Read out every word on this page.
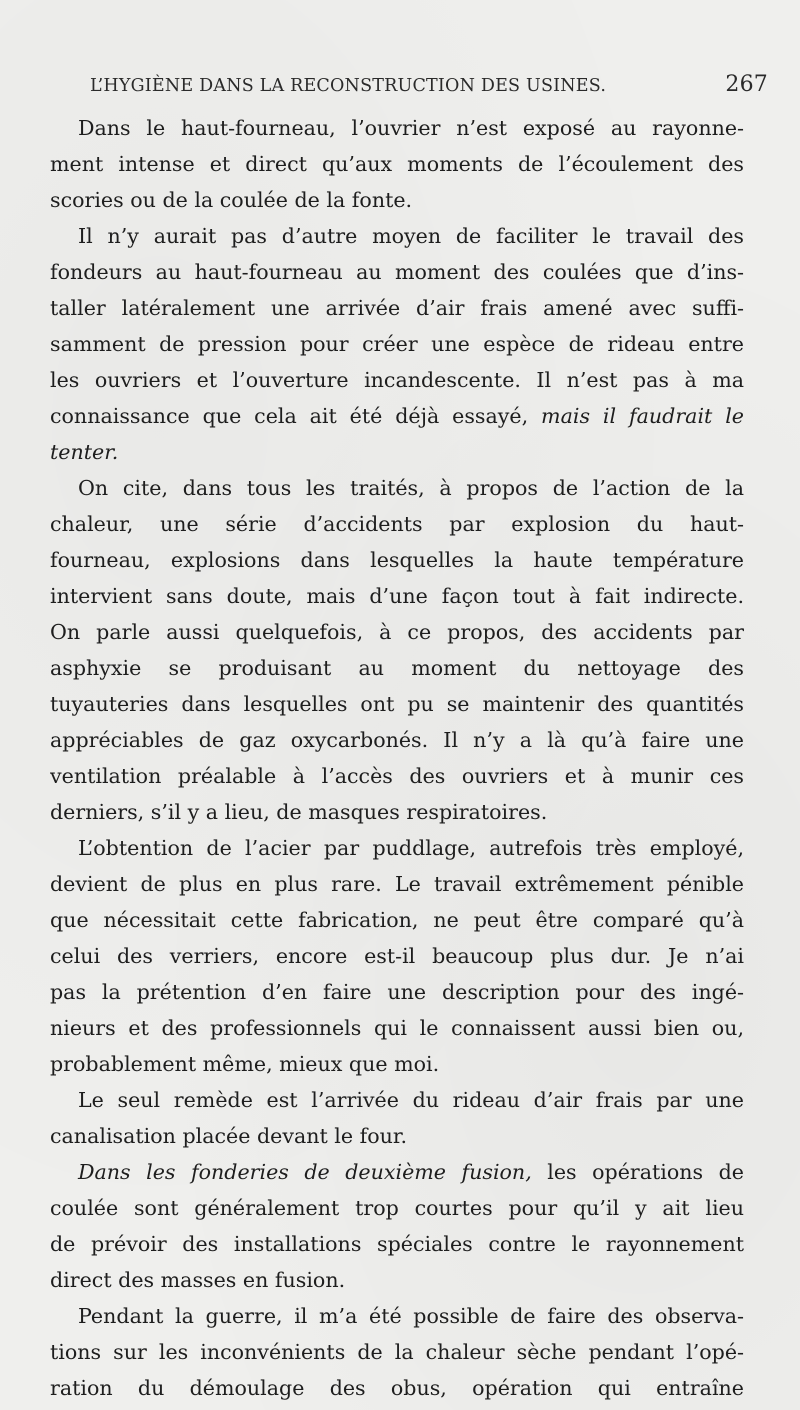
L’HYGIÈNE DANS LA RECONSTRUCTION DES USINES.	267
Dans le haut-fourneau, l’ouvrier n’est exposé au rayonne-
ment intense et direct qu’aux moments de l’écoulement des
scories ou de la coulée de la fonte.
Il n’y aurait pas d’autre moyen de faciliter le travail des
fondeurs au haut-fourneau au moment des coulées que d’ins-
taller latéralement une arrivée d’air frais amené avec suffi-
samment de pression pour créer une espèce de rideau entre
les ouvriers et l’ouverture incandescente. Il n’est pas à ma
connaissance que cela ait été déjà essayé, mais il faudrait le
tenter.
On cite, dans tous les traités, à propos de l’action de la
chaleur, une série d’accidents par explosion du haut-
fourneau, explosions dans lesquelles la haute température
intervient sans doute, mais d’une façon tout à fait indirecte.
On parle aussi quelquefois, à ce propos, des accidents par
asphyxie se produisant au moment du nettoyage des
tuyauteries dans lesquelles ont pu se maintenir des quantités
appréciables de gaz oxycarbonés. Il n’y a là qu’à faire une
ventilation préalable à l’accès des ouvriers et à munir ces
derniers, s’il y a lieu, de masques respiratoires.
L’obtention de l’acier par puddlage, autrefois très employé,
devient de plus en plus rare. Le travail extrêmement pénible
que nécessitait cette fabrication, ne peut être comparé qu’à
celui des verriers, encore est-il beaucoup plus dur. Je n’ai
pas la prétention d’en faire une description pour des ingé-
nieurs et des professionnels qui le connaissent aussi bien ou,
probablement même, mieux que moi.
Le seul remède est l’arrivée du rideau d’air frais par une
canalisation placée devant le four.
Dans les fonderies de deuxième fusion, les opérations de
coulée sont généralement trop courtes pour qu’il y ait lieu
de prévoir des installations spéciales contre le rayonnement
direct des masses en fusion.
Pendant la guerre, il m’a été possible de faire des observa-
tions sur les inconvénients de la chaleur sèche pendant l’opé-
ration du démoulage des obus, opération qui entraîne
